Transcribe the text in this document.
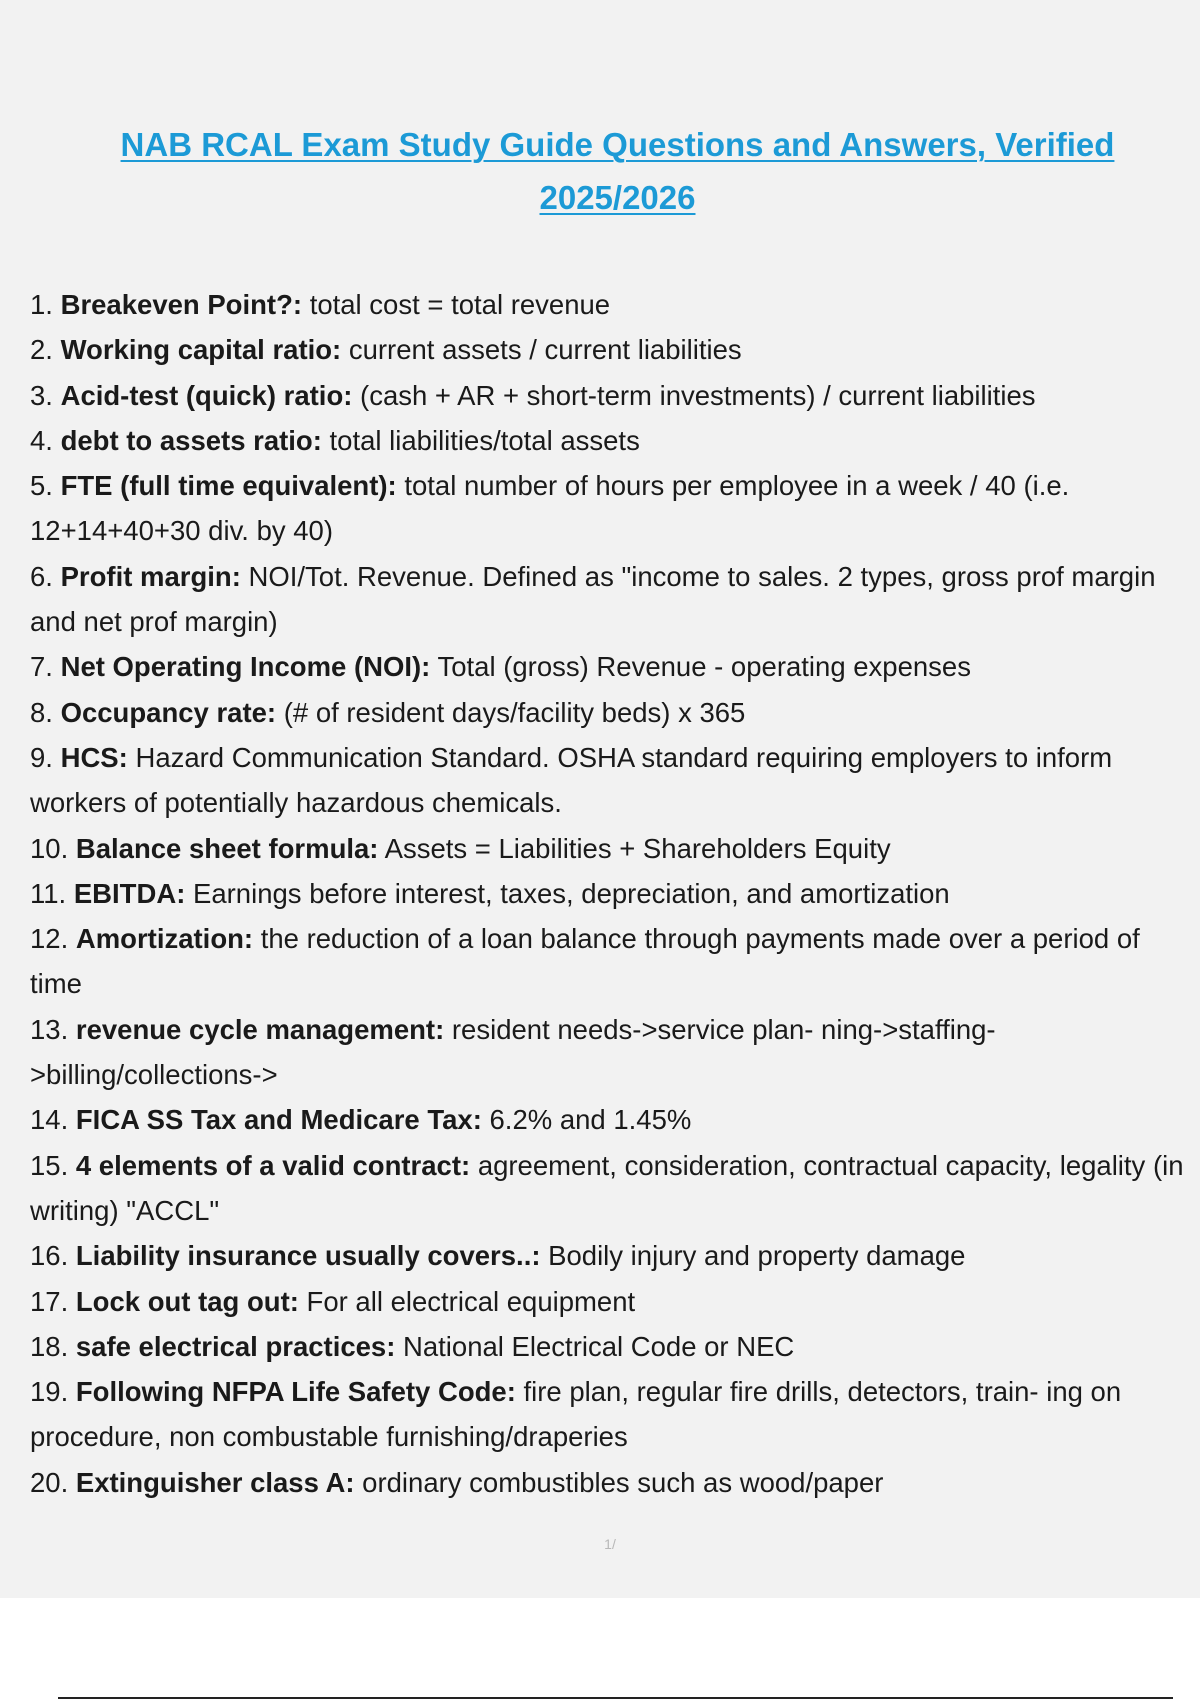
NAB RCAL Exam Study Guide Questions and Answers, Verified 2025/2026
1. Breakeven Point?: total cost = total revenue
2. Working capital ratio: current assets / current liabilities
3. Acid-test (quick) ratio: (cash + AR + short-term investments) / current liabilities
4. debt to assets ratio: total liabilities/total assets
5. FTE (full time equivalent): total number of hours per employee in a week / 40 (i.e. 12+14+40+30 div. by 40)
6. Profit margin: NOI/Tot. Revenue. Defined as "income to sales. 2 types, gross prof margin and net prof margin)
7. Net Operating Income (NOI): Total (gross) Revenue - operating expenses
8. Occupancy rate: (# of resident days/facility beds) x 365
9. HCS: Hazard Communication Standard. OSHA standard requiring employers to inform workers of potentially hazardous chemicals.
10. Balance sheet formula: Assets = Liabilities + Shareholders Equity
11. EBITDA: Earnings before interest, taxes, depreciation, and amortization
12. Amortization: the reduction of a loan balance through payments made over a period of time
13. revenue cycle management: resident needs->service plan- ning->staffing->billing/collections->
14. FICA SS Tax and Medicare Tax: 6.2% and 1.45%
15. 4 elements of a valid contract: agreement, consideration, contractual capacity, legality (in writing) "ACCL"
16. Liability insurance usually covers..: Bodily injury and property damage
17. Lock out tag out: For all electrical equipment
18. safe electrical practices: National Electrical Code or NEC
19. Following NFPA Life Safety Code: fire plan, regular fire drills, detectors, train- ing on procedure, non combustable furnishing/draperies
20. Extinguisher class A: ordinary combustibles such as wood/paper
1/
